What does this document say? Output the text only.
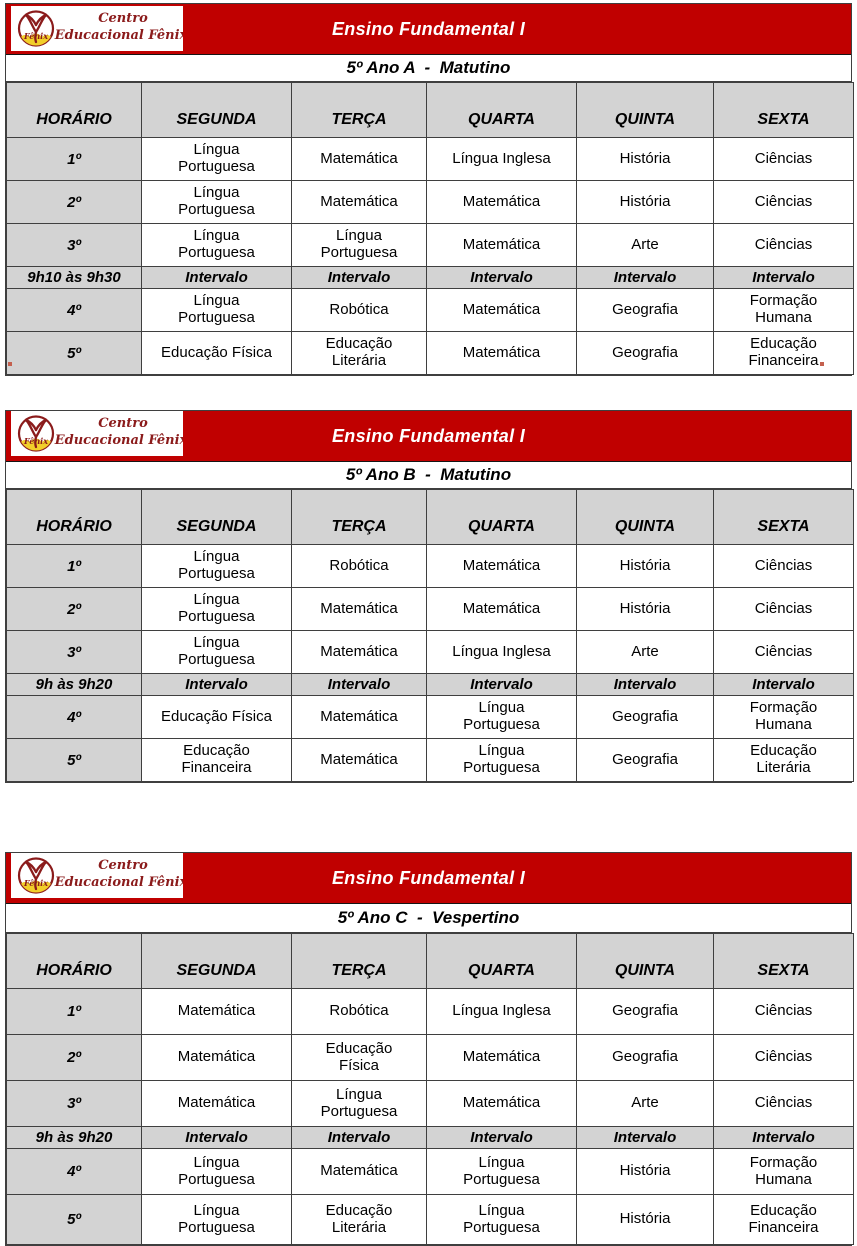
Fênix
Centro
Educacional Fênix	Ensino Fundamental I
5º Ano A  -  Matutino
HORÁRIO	SEGUNDA	TERÇA	QUARTA	QUINTA	SEXTA
1º	Língua Portuguesa	Matemática	Língua Inglesa	História	Ciências
2º	Língua Portuguesa	Matemática	Matemática	História	Ciências
3º	Língua Portuguesa	Língua Portuguesa	Matemática	Arte	Ciências
9h10 às 9h30	Intervalo	Intervalo	Intervalo	Intervalo	Intervalo
4º	Língua Portuguesa	Robótica	Matemática	Geografia	Formação Humana
5º	Educação Física	Educação Literária	Matemática	Geografia	Educação Financeira
Fênix
Centro
Educacional Fênix	Ensino Fundamental I
5º Ano B  -  Matutino
HORÁRIO	SEGUNDA	TERÇA	QUARTA	QUINTA	SEXTA
1º	Língua Portuguesa	Robótica	Matemática	História	Ciências
2º	Língua Portuguesa	Matemática	Matemática	História	Ciências
3º	Língua Portuguesa	Matemática	Língua Inglesa	Arte	Ciências
9h às 9h20	Intervalo	Intervalo	Intervalo	Intervalo	Intervalo
4º	Educação Física	Matemática	Língua Portuguesa	Geografia	Formação Humana
5º	Educação Financeira	Matemática	Língua Portuguesa	Geografia	Educação Literária
Fênix
Centro
Educacional Fênix	Ensino Fundamental I
5º Ano C  -  Vespertino
HORÁRIO	SEGUNDA	TERÇA	QUARTA	QUINTA	SEXTA
1º	Matemática	Robótica	Língua Inglesa	Geografia	Ciências
2º	Matemática	Educação Física	Matemática	Geografia	Ciências
3º	Matemática	Língua Portuguesa	Matemática	Arte	Ciências
9h às 9h20	Intervalo	Intervalo	Intervalo	Intervalo	Intervalo
4º	Língua Portuguesa	Matemática	Língua Portuguesa	História	Formação Humana
5º	Língua Portuguesa	Educação Literária	Língua Portuguesa	História	Educação Financeira
